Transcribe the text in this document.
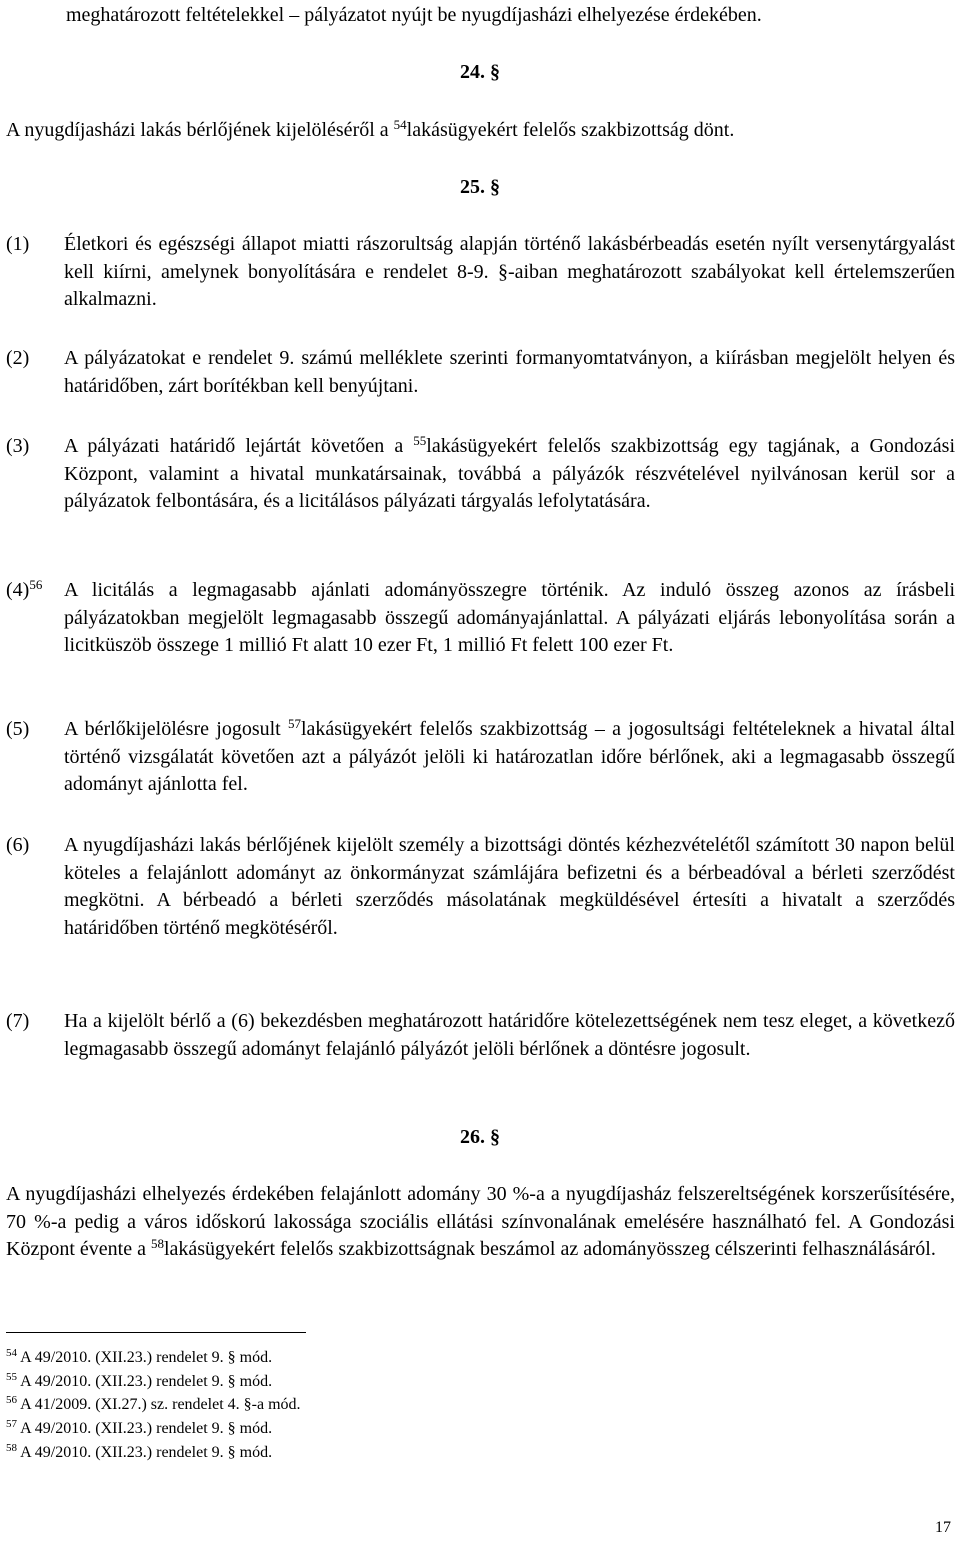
meghatározott feltételekkel – pályázatot nyújt be nyugdíjasházi elhelyezése érdekében.
24. §
A nyugdíjasházi lakás bérlőjének kijelöléséről a $^{54}$lakásügyekért felelős szakbizottság dönt.
25. §
(1) Életkori és egészségi állapot miatti rászorultság alapján történő lakásbérbeadás esetén nyílt versenytárgyalást kell kiírni, amelynek bonyolítására e rendelet 8-9. §-aiban meghatározott szabályokat kell értelemszerűen alkalmazni.
(2) A pályázatokat e rendelet 9. számú melléklete szerinti formanyomtatványon, a kiírásban megjelölt helyen és határidőben, zárt borítékban kell benyújtani.
(3) A pályázati határidő lejártát követően a $^{55}$lakásügyekért felelős szakbizottság egy tagjának, a Gondozási Központ, valamint a hivatal munkatársainak, továbbá a pályázók részvételével nyilvánosan kerül sor a pályázatok felbontására, és a licitálásos pályázati tárgyalás lefolytatására.
$(4)^{56}$ A licitálás a legmagasabb ajánlati adományösszegre történik. Az induló összeg azonos az írásbeli pályázatokban megjelölt legmagasabb összegű adományajánlattal. A pályázati eljárás lebonyolítása során a licitküszöb összege 1 millió Ft alatt 10 ezer Ft, 1 millió Ft felett 100 ezer Ft.
(5) A bérlőkijelölésre jogosult $^{57}$lakásügyekért felelős szakbizottság – a jogosultsági feltételeknek a hivatal által történő vizsgálatát követően azt a pályázót jelöli ki határozatlan időre bérlőnek, aki a legmagasabb összegű adományt ajánlotta fel.
(6) A nyugdíjasházi lakás bérlőjének kijelölt személy a bizottsági döntés kézhezvételétől számított 30 napon belül köteles a felajánlott adományt az önkormányzat számlájára befizetni és a bérbeadóval a bérleti szerződést megkötni. A bérbeadó a bérleti szerződés másolatának megküldésével értesíti a hivatalt a szerződés határidőben történő megkötéséről.
(7) Ha a kijelölt bérlő a (6) bekezdésben meghatározott határidőre kötelezettségének nem tesz eleget, a következő legmagasabb összegű adományt felajánló pályázót jelöli bérlőnek a döntésre jogosult.
26. §
A nyugdíjasházi elhelyezés érdekében felajánlott adomány 30 %-a a nyugdíjasház felszereltségének korszerűsítésére, 70 %-a pedig a város időskorú lakossága szociális ellátási színvonalának emelésére használható fel. A Gondozási Központ évente a $^{58}$lakásügyekért felelős szakbizottságnak beszámol az adományösszeg célszerinti felhasználásáról.
$^{54}$ A 49/2010. (XII.23.) rendelet 9. § mód.
$^{55}$ A 49/2010. (XII.23.) rendelet 9. § mód.
$^{56}$ A 41/2009. (XI.27.) sz. rendelet 4. §-a mód.
$^{57}$ A 49/2010. (XII.23.) rendelet 9. § mód.
$^{58}$ A 49/2010. (XII.23.) rendelet 9. § mód.
17
